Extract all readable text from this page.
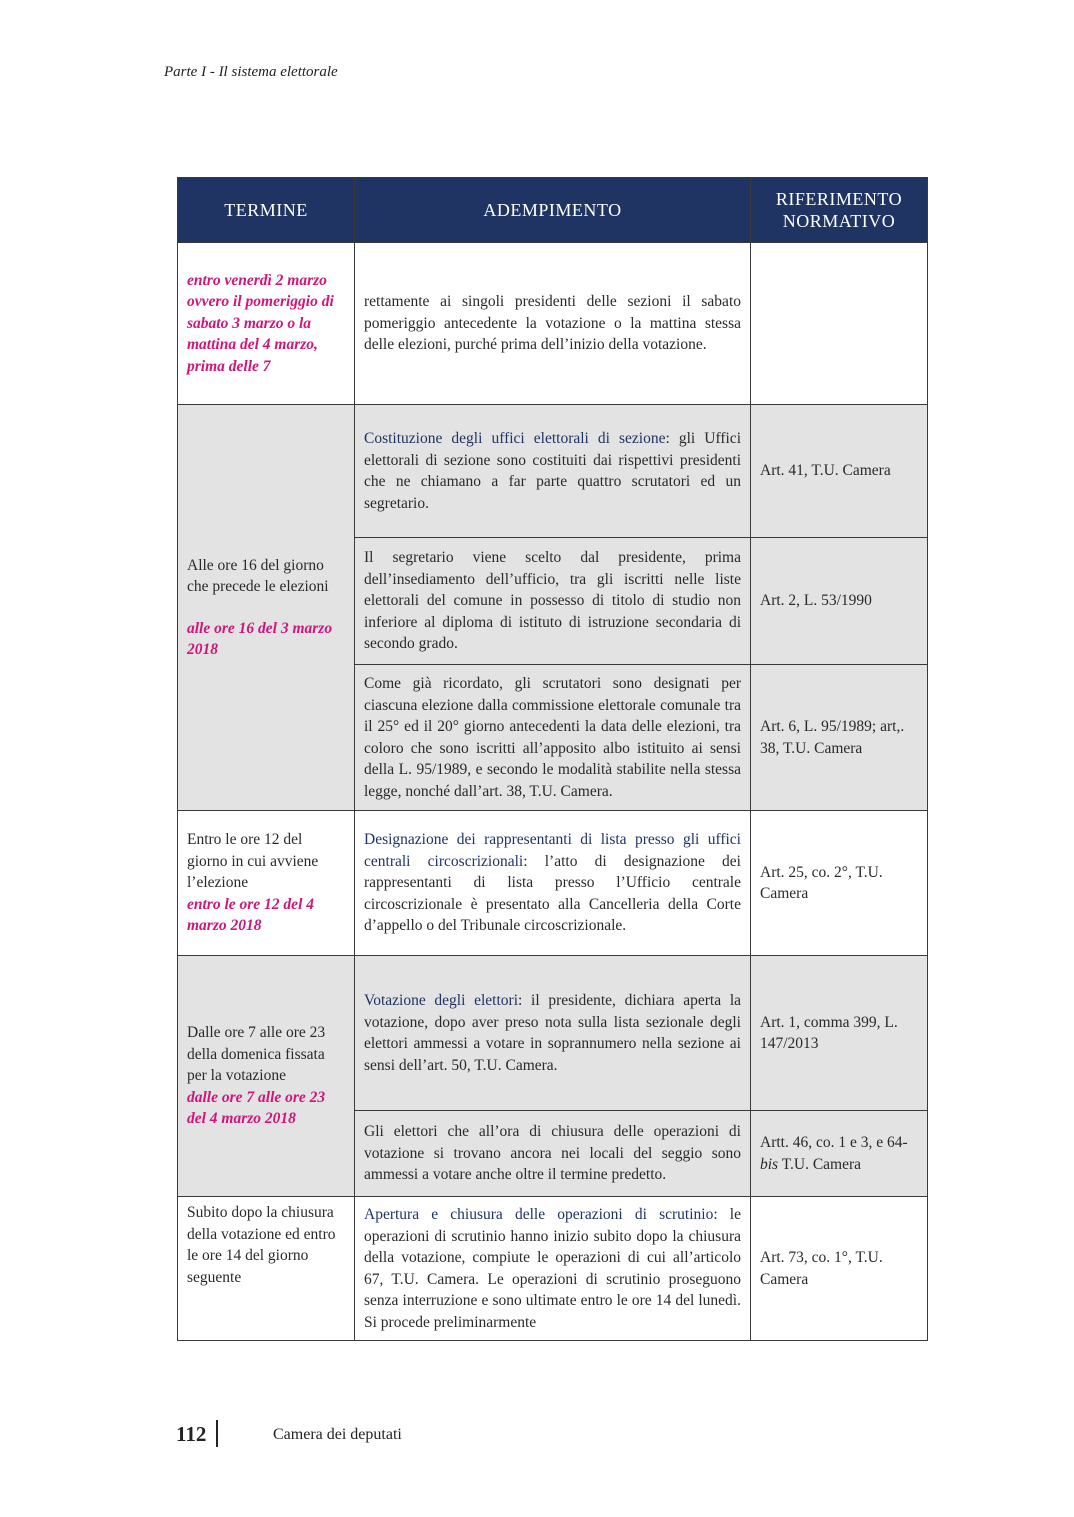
Parte I - Il sistema elettorale
TERMINE	ADEMPIMENTO	RIFERIMENTO
NORMATIVO

entro venerdì 2 marzo ovvero il pomeriggio di sabato 3 marzo o la mattina del 4 marzo, prima delle 7	rettamente ai singoli presidenti delle sezioni il sabato pomeriggio antecedente la votazione o la mattina stessa delle elezioni, purché prima dell’inizio della votazione.	
Alle ore 16 del giorno che precede le elezioni
alle ore 16 del 3 marzo 2018	Costituzione degli uffici elettorali di sezione: gli Uffici elettorali di sezione sono costituiti dai rispettivi presidenti che ne chiamano a far parte quattro scrutatori ed un segretario.	Art. 41, T.U. Camera
	Il segretario viene scelto dal presidente, prima dell’insediamento dell’ufficio, tra gli iscritti nelle liste elettorali del comune in possesso di titolo di studio non inferiore al diploma di istituto di istruzione secondaria di secondo grado.	Art. 2, L. 53/1990
	Come già ricordato, gli scrutatori sono designati per ciascuna elezione dalla commissione elettorale comunale tra il 25° ed il 20° giorno antecedenti la data delle elezioni, tra coloro che sono iscritti all’apposito albo istituito ai sensi della L. 95/1989, e secondo le modalità stabilite nella stessa legge, nonché dall’art. 38, T.U. Camera.	Art. 6, L. 95/1989; art,. 38, T.U. Camera
Entro le ore 12 del giorno in cui avviene l’elezione
entro le ore 12 del 4 marzo 2018	Designazione dei rappresentanti di lista presso gli uffici centrali circoscrizionali: l’atto di designazione dei rappresentanti di lista presso l’Ufficio centrale circoscrizionale è presentato alla Cancelleria della Corte d’appello o del Tribunale circoscrizionale.	Art. 25, co. 2°, T.U. Camera
Dalle ore 7 alle ore 23 della domenica fissata per la votazione
dalle ore 7 alle ore 23 del 4 marzo 2018	Votazione degli elettori: il presidente, dichiara aperta la votazione, dopo aver preso nota sulla lista sezionale degli elettori ammessi a votare in soprannumero nella sezione ai sensi dell’art. 50, T.U. Camera.	Art. 1, comma 399, L. 147/2013
	Gli elettori che all’ora di chiusura delle operazioni di votazione si trovano ancora nei locali del seggio sono ammessi a votare anche oltre il termine predetto.	Artt. 46, co. 1 e 3, e 64-bis T.U. Camera
Subito dopo la chiusura della votazione ed entro le ore 14 del giorno seguente	Apertura e chiusura delle operazioni di scrutinio: le operazioni di scrutinio hanno inizio subito dopo la chiusura della votazione, compiute le operazioni di cui all’articolo 67, T.U. Camera. Le operazioni di scrutinio proseguono senza interruzione e sono ultimate entro le ore 14 del lunedì. Si procede preliminarmente	Art. 73, co. 1°, T.U. Camera
112	Camera dei deputati
